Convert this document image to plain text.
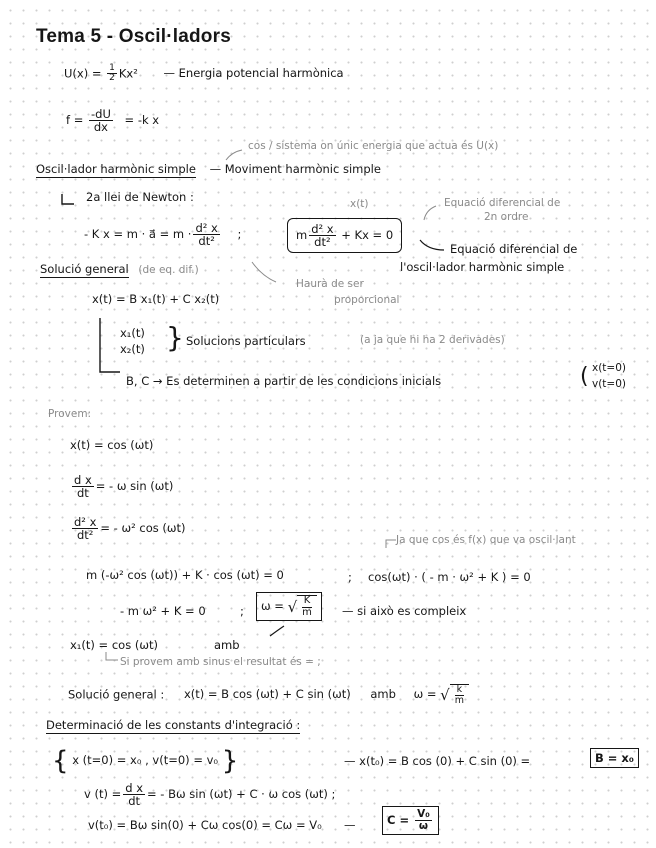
Tema 5 - Oscil·ladors
$U(x) = \frac{1}{2} Kx^2$ — Energia potencial harmònica
$f = \frac{-dU}{dx} = -k$ x
cos / sistema on únic energia que actua és U(x)
Oscil·lador harmònic simple — Moviment harmònic simple
2a llei de Newton :	x(t)
- K x = m · a⃗ = $m \cdot \frac{\text{d² x}}{\text{dt²}}$ ;	m $\frac{\text{d² x}}{\text{dt²}} + Kx = 0$
Equació diferencial de
2n ordre
Equació diferencial de
l'oscil·lador harmònic simple
Solució general (de eq. dif.)
Haurà de ser
proporcional
x(t) = B x₁(t) + C x₂(t)
x₁(t)
x₂(t) } Solucions particulars	(a ja que hi ha 2 derivades)
B, C → Es determinen a partir de les condicions inicials	( x(t=0)
v(t=0)
Provem:
x(t) = cos (ωt)
$\frac{\text{d x}}{dt}$ = - ω sin (ωt)
$\frac{\text{d² x}}{\text{dt²}}$ = - ω² cos (ωt)
Ja que cos és f(x) que va oscil·lant
m (-ω² cos (ωt)) + K · cos (ωt) = 0	; cos(ωt) · ( - m · ω² + K ) = 0
- m ω² + K = 0	;	ω = √ $\frac{K}{m}$ — si això es compleix
x₁(t) = cos (ωt)	amb
Si provem amb sinus el resultat és = ;
Solució general : x(t) = B cos (ωt) + C sin (ωt) amb ω = √ $\frac{k}{m}$
Determinació de les constants d'integració :
{ x (t=0) = x₀ , v(t=0) = v₀ }	— x(t₀) = B cos (0) + C sin (0) =	B = x₀
v $(t) = \frac{\text{d x}}{dt}$ = - Bω sin (ωt) + C · ω cos (ωt) ;
v(t₀) = Bω sin(0) + Cω cos(0) = Cω = V₀ —	$C = \frac{\text{V₀}}{\omega}$
